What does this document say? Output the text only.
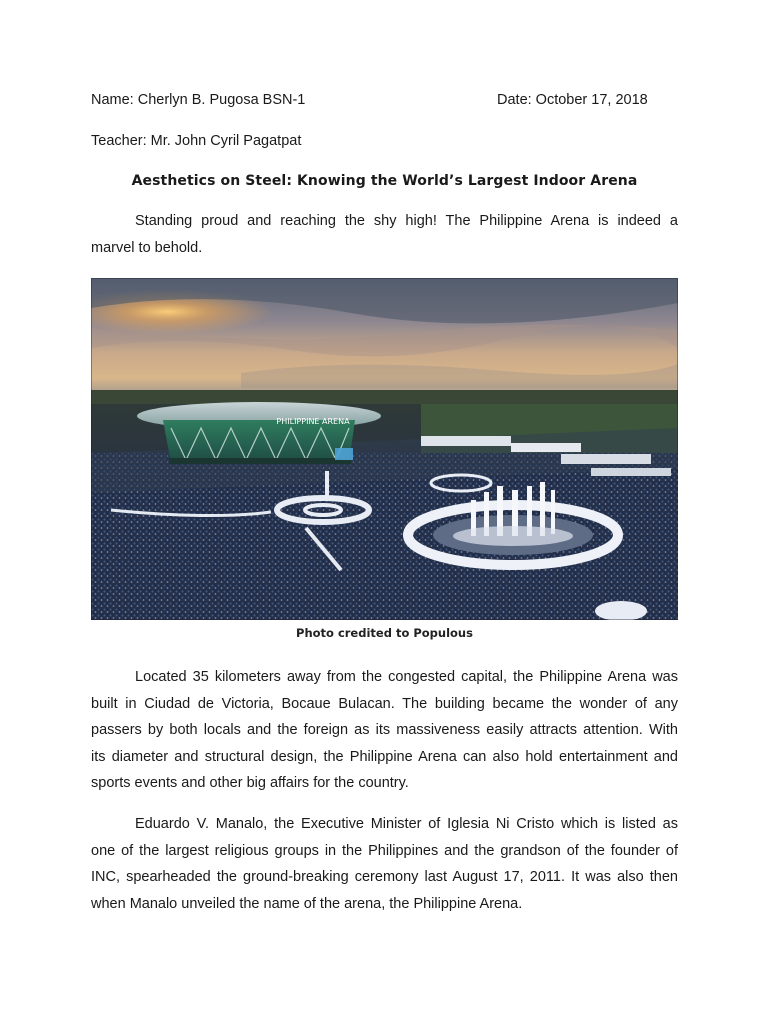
Name: Cherlyn B. Pugosa BSN-1	Date: October 17, 2018
Teacher: Mr. John Cyril Pagatpat
Aesthetics on Steel: Knowing the World’s Largest Indoor Arena
Standing proud and reaching the shy high! The Philippine Arena is indeed a
marvel to behold.
PHILIPPINE ARENA
Photo credited to Populous
Located 35 kilometers away from the congested capital, the Philippine Arena was
built in Ciudad de Victoria, Bocaue Bulacan. The building became the wonder of any
passers by both locals and the foreign as its massiveness easily attracts attention. With
its diameter and structural design, the Philippine Arena can also hold entertainment and
sports events and other big affairs for the country.
Eduardo V. Manalo, the Executive Minister of Iglesia Ni Cristo which is listed as
one of the largest religious groups in the Philippines and the grandson of the founder of
INC, spearheaded the ground-breaking ceremony last August 17, 2011. It was also then
when Manalo unveiled the name of the arena, the Philippine Arena.
